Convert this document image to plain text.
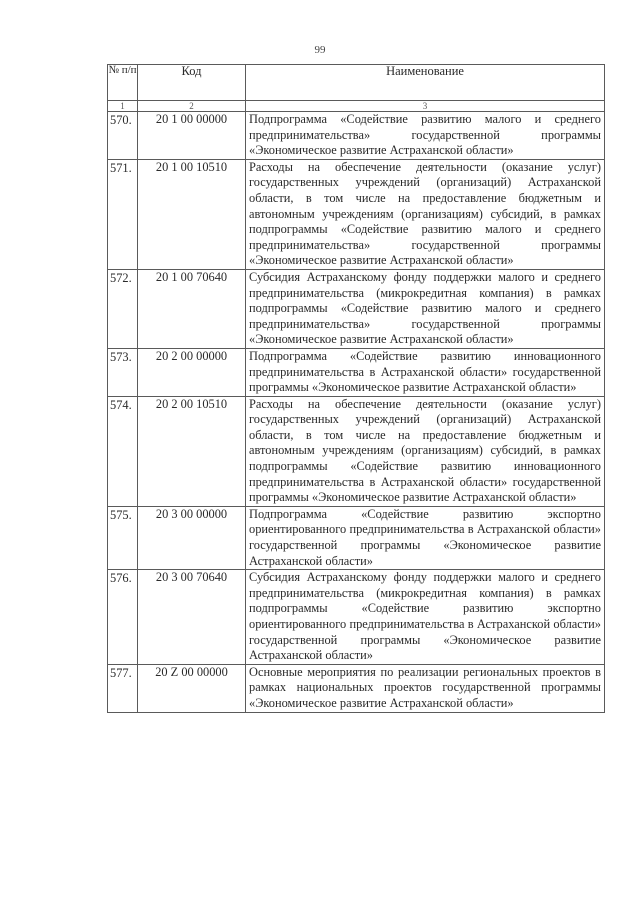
99
№ п/п	Код	Наименование
1	2	3
570.	20 1 00 00000	Подпрограмма «Содействие развитию малого и среднего предпринимательства» государственной программы «Экономическое развитие Астраханской области»
571.	20 1 00 10510	Расходы на обеспечение деятельности (оказание услуг) государственных учреждений (организаций) Астраханской области, в том числе на предоставление бюджетным и автономным учреждениям (организациям) субсидий, в рамках подпрограммы «Содействие развитию малого и среднего предпринимательства» государственной программы «Экономическое развитие Астраханской области»
572.	20 1 00 70640	Субсидия Астраханскому фонду поддержки малого и среднего предпринимательства (микрокредитная компания) в рамках подпрограммы «Содействие развитию малого и среднего предпринимательства» государственной программы «Экономическое развитие Астраханской области»
573.	20 2 00 00000	Подпрограмма «Содействие развитию инновационного предпринимательства в Астраханской области» государственной программы «Экономическое развитие Астраханской области»
574.	20 2 00 10510	Расходы на обеспечение деятельности (оказание услуг) государственных учреждений (организаций) Астраханской области, в том числе на предоставление бюджетным и автономным учреждениям (организациям) субсидий, в рамках подпрограммы «Содействие развитию инновационного предпринимательства в Астраханской области» государственной программы «Экономическое развитие Астраханской области»
575.	20 3 00 00000	Подпрограмма «Содействие развитию экспортно ориентированного предпринимательства в Астраханской области» государственной программы «Экономическое развитие Астраханской области»
576.	20 3 00 70640	Субсидия Астраханскому фонду поддержки малого и среднего предпринимательства (микрокредитная компания) в рамках подпрограммы «Содействие развитию экспортно ориентированного предпринимательства в Астраханской области» государственной программы «Экономическое развитие Астраханской области»
577.	20 Z 00 00000	Основные мероприятия по реализации региональных проектов в рамках национальных проектов государственной программы «Экономическое развитие Астраханской области»
